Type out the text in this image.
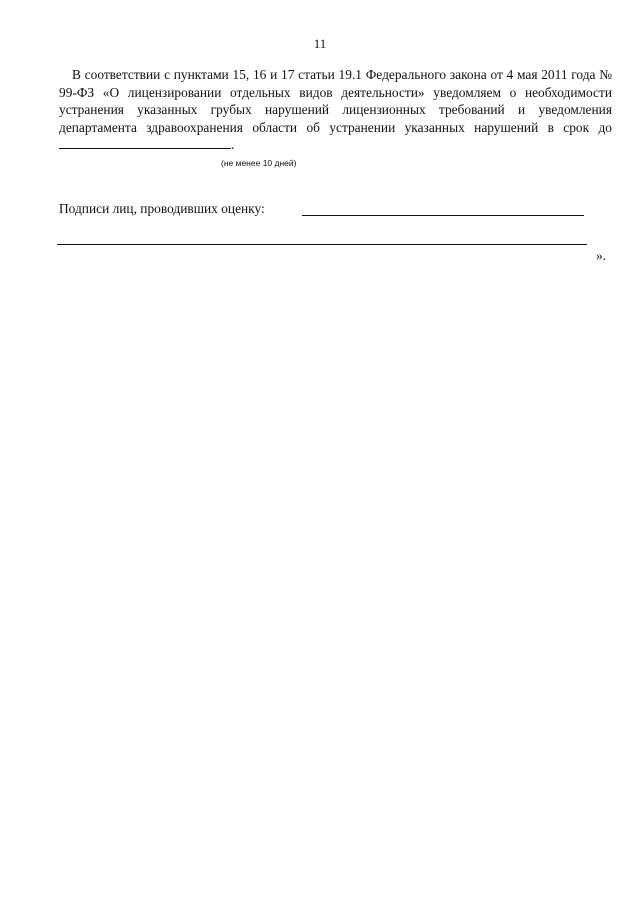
11
В соответствии с пунктами 15, 16 и 17 статьи 19.1 Федерального закона от 4 мая 2011 года № 99-ФЗ «О лицензировании отдельных видов деятельности» уведомляем о необходимости устранения указанных грубых нарушений лицензионных требований и уведомления департамента здравоохранения области об устранении указанных нарушений в срок до .
(не менее 10 дней)
Подписи лиц, проводивших оценку:
».
